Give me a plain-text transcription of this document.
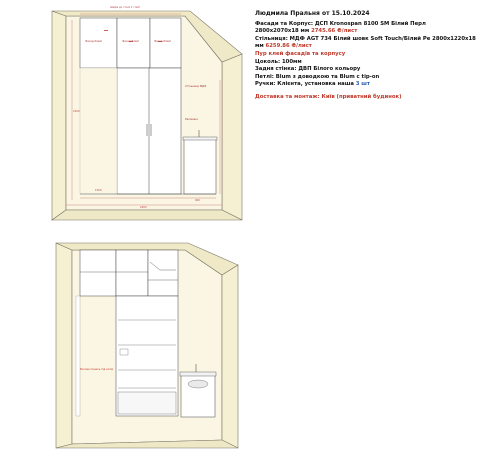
Шафа до стелі 1 глиб
Фасад білий	Фасад білий	Фасад білий
Стільниця МДФ
Раковина
2400
1500
900
2400
Бокова панель під колір
Людмила Пральня от 15.10.2024
Фасади та Корпус: ДСП Kronospan 8100 SM Білий Перл
2800x2070x18 мм 2745.66 ₴/лист
Стільниця: МДФ AGT 734 Білий шовк Soft Touch/Білий Ре 2800x1220x18
мм 6259.86 ₴/лист
Пур клей фасадів та корпусу
Цоколь: 100мм
Задня стінка: ДВП Білого кольору
Петлі: Blum з доводкою та Blum с tip-on
Ручки: Клієнта, установка наша 3 шт
Доставка та монтаж: Київ (приватний будинок)
